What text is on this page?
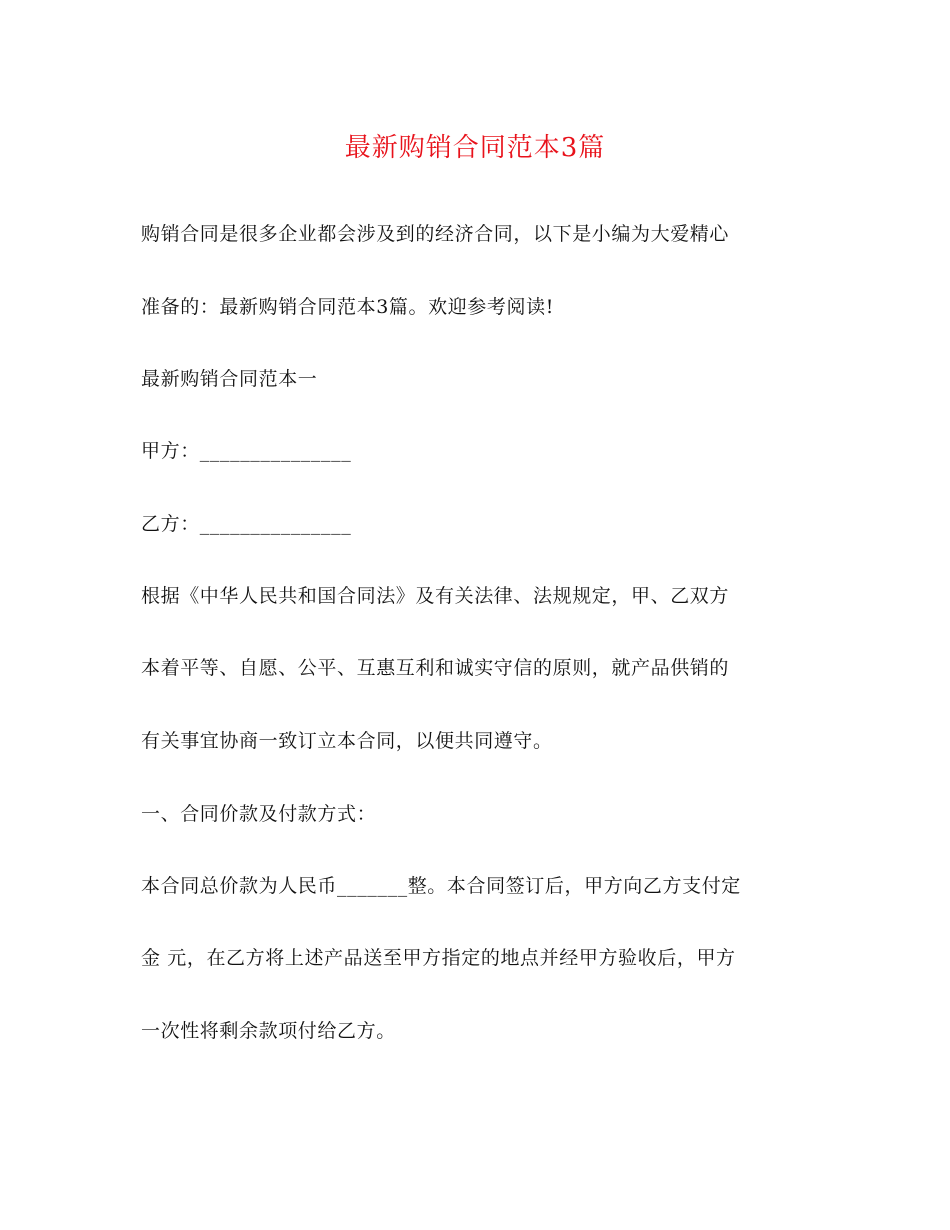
最新购销合同范本3篇
购销合同是很多企业都会涉及到的经济合同，以下是小编为大爱精心
准备的：最新购销合同范本3篇。欢迎参考阅读!
最新购销合同范本一
甲方：_______________
乙方：_______________
根据《中华人民共和国合同法》及有关法律、法规规定，甲、乙双方
本着平等、自愿、公平、互惠互利和诚实守信的原则，就产品供销的
有关事宜协商一致订立本合同，以便共同遵守。
一、合同价款及付款方式：
本合同总价款为人民币_______整。本合同签订后，甲方向乙方支付定
金 元，在乙方将上述产品送至甲方指定的地点并经甲方验收后，甲方
一次性将剩余款项付给乙方。
